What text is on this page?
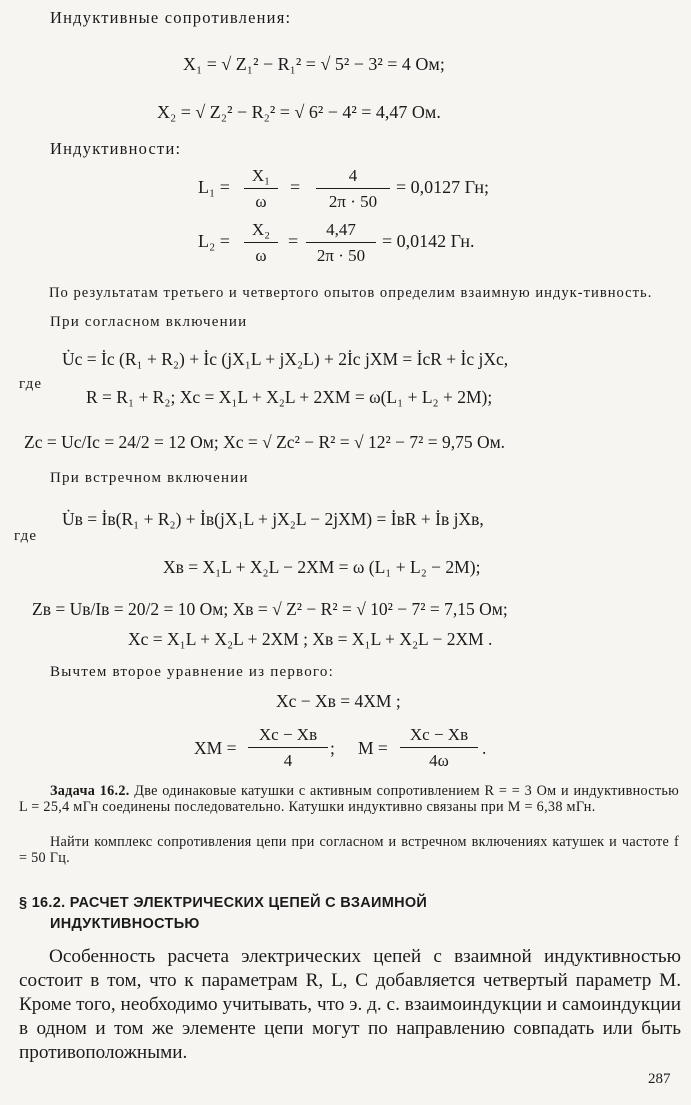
Индуктивные сопротивления:
X₁ = √ Z₁² − R₁² = √ 5² − 3² = 4 Ом;
X₂ = √ Z₂² − R₂² = √ 6² − 4² = 4,47 Ом.
Индуктивности:
L₁ =
X₁
ω
=
4
2π · 50
= 0,0127 Гн;
L₂ =
X₂
ω
=
4,47
2π · 50
= 0,0142 Гн.
По результатам третьего и четвертого опытов определим взаимную индук-тивность.
При согласном включении
U̇c = İc (R₁ + R₂) + İc (jX₁L + jX₂L) + 2İc jXM = İcR + İc jXc,
где
R = R₁ + R₂; Xc = X₁L + X₂L + 2XM = ω(L₁ + L₂ + 2M);
Zc = Uc/Ic = 24/2 = 12 Ом; Xc = √ Zc² − R² = √ 12² − 7² = 9,75 Ом.
При встречном включении
U̇в = İв(R₁ + R₂) + İв(jX₁L + jX₂L − 2jXM) = İвR + İв jXв,
где
Xв = X₁L + X₂L − 2XM = ω (L₁ + L₂ − 2M);
Zв = Uв/Iв = 20/2 = 10 Ом; Xв = √ Z² − R² = √ 10² − 7² = 7,15 Ом;
Xc = X₁L + X₂L + 2XM ; Xв = X₁L + X₂L − 2XM .
Вычтем второе уравнение из первого:
Xc − Xв = 4XM ;
XM =
Xc − Xв
4
; M =
Xc − Xв
4ω
.
Задача 16.2. Две одинаковые катушки с активным сопротивлением R = = 3 Ом и индуктивностью L = 25,4 мГн соединены последовательно. Катушки индуктивно связаны при M = 6,38 мГн.
Найти комплекс сопротивления цепи при согласном и встречном включениях катушек и частоте f = 50 Гц.
§ 16.2. РАСЧЕТ ЭЛЕКТРИЧЕСКИХ ЦЕПЕЙ С ВЗАИМНОЙ
ИНДУКТИВНОСТЬЮ
Особенность расчета электрических цепей с взаимной индуктивностью состоит в том, что к параметрам R, L, C добавляется четвертый параметр M. Кроме того, необходимо учитывать, что э. д. с. взаимоиндукции и самоиндукции в одном и том же элементе цепи могут по направлению совпадать или быть противоположными.
287
